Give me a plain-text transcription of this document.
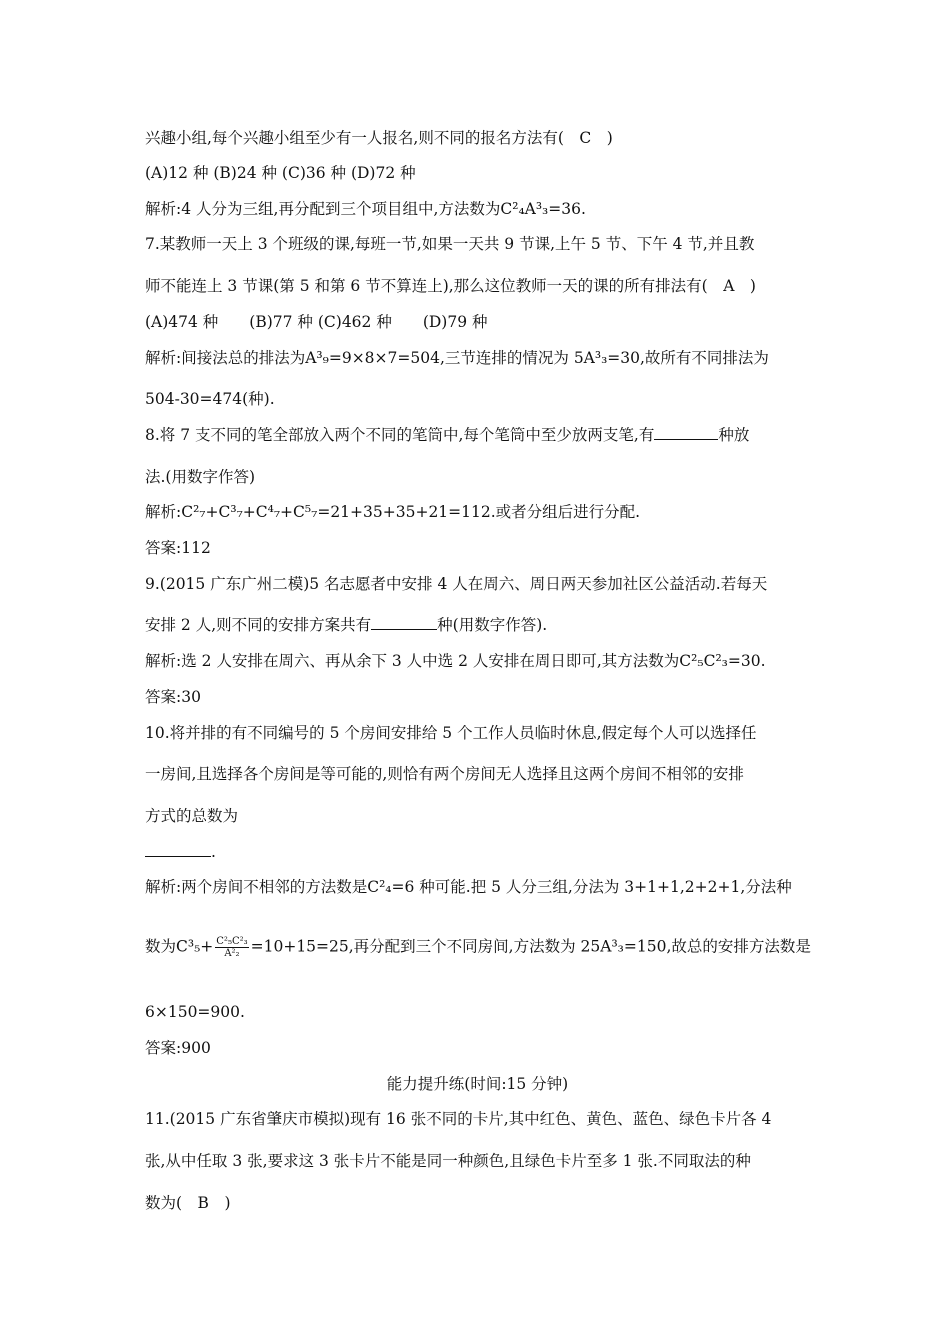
兴趣小组,每个兴趣小组至少有一人报名,则不同的报名方法有(　C　)
(A)12 种 (B)24 种 (C)36 种 (D)72 种
解析:4 人分为三组,再分配到三个项目组中,方法数为C²₄A³₃=36.
7.某教师一天上 3 个班级的课,每班一节,如果一天共 9 节课,上午 5 节、下午 4 节,并且教
师不能连上 3 节课(第 5 和第 6 节不算连上),那么这位教师一天的课的所有排法有(　A　)
(A)474 种　　(B)77 种 (C)462 种　　(D)79 种
解析:间接法总的排法为A³₉=9×8×7=504,三节连排的情况为 5A³₃=30,故所有不同排法为
504-30=474(种).
8.将 7 支不同的笔全部放入两个不同的笔筒中,每个笔筒中至少放两支笔,有	种放
法.(用数字作答)
解析:C²₇+C³₇+C⁴₇+C⁵₇=21+35+35+21=112.或者分组后进行分配.
答案:112
9.(2015 广东广州二模)5 名志愿者中安排 4 人在周六、周日两天参加社区公益活动.若每天
安排 2 人,则不同的安排方案共有	种(用数字作答).
解析:选 2 人安排在周六、再从余下 3 人中选 2 人安排在周日即可,其方法数为C²₅C²₃=30.
答案:30
10.将并排的有不同编号的 5 个房间安排给 5 个工作人员临时休息,假定每个人可以选择任
一房间,且选择各个房间是等可能的,则恰有两个房间无人选择且这两个房间不相邻的安排
方式的总数为
.
解析:两个房间不相邻的方法数是C²₄=6 种可能.把 5 人分三组,分法为 3+1+1,2+2+1,分法种
数为$C^3_5+ \frac{\text{C²₅C²₃}}{\text{A²₂}} =10+15=25$,再分配到三个不同房间,方法数为 25A³₃=150,故总的安排方法数是
6×150=900.
答案:900
能力提升练(时间:15 分钟)
11.(2015 广东省肇庆市模拟)现有 16 张不同的卡片,其中红色、黄色、蓝色、绿色卡片各 4
张,从中任取 3 张,要求这 3 张卡片不能是同一种颜色,且绿色卡片至多 1 张.不同取法的种
数为(　B　)
